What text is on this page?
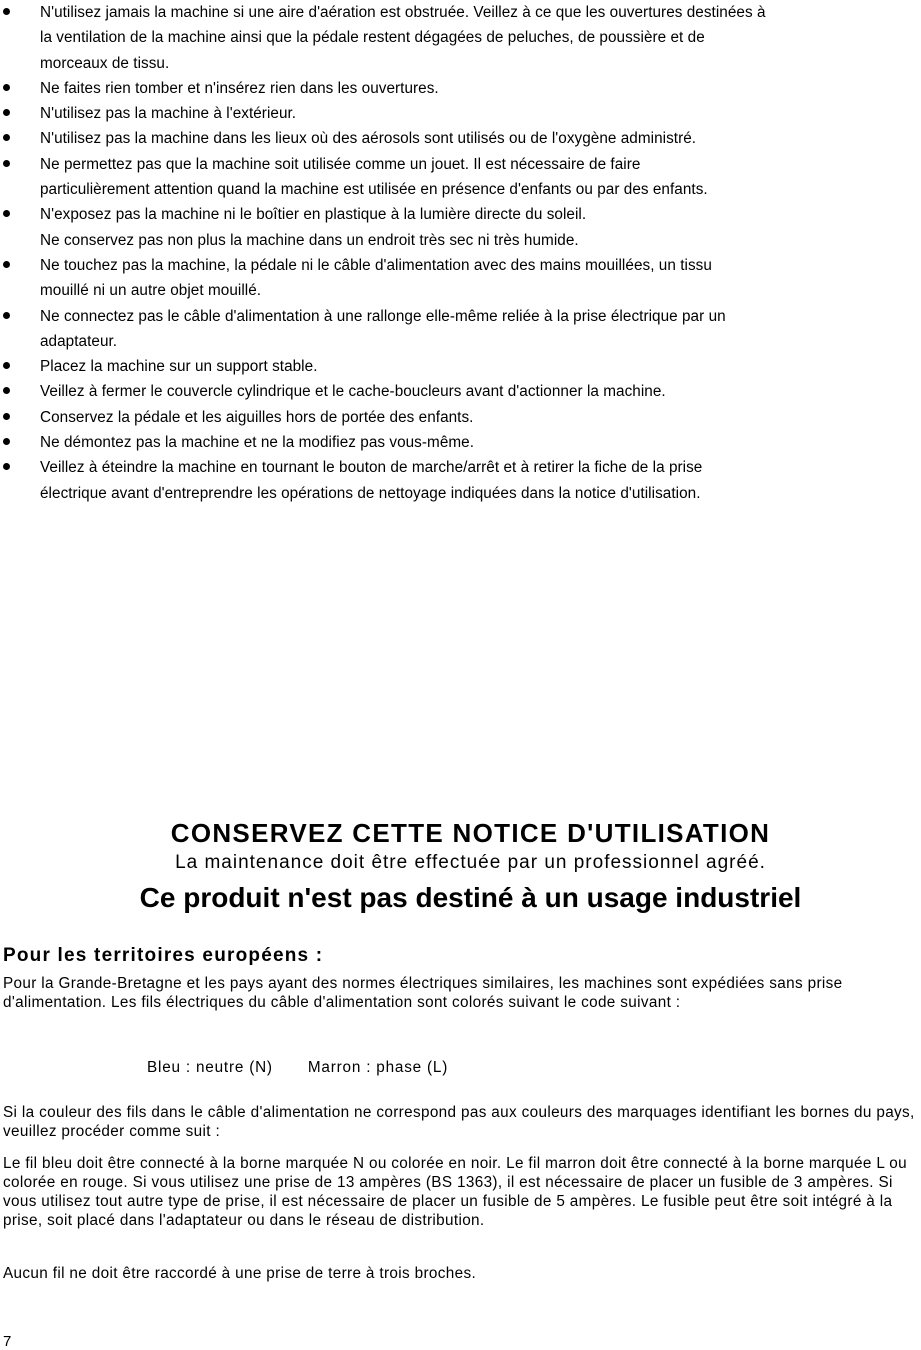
N'utilisez jamais la machine si une aire d'aération est obstruée. Veillez à ce que les ouvertures destinées à
la ventilation de la machine ainsi que la pédale restent dégagées de peluches, de poussière et de
morceaux de tissu.
Ne faites rien tomber et n'insérez rien dans les ouvertures.
N'utilisez pas la machine à l'extérieur.
N'utilisez pas la machine dans les lieux où des aérosols sont utilisés ou de l'oxygène administré.
Ne permettez pas que la machine soit utilisée comme un jouet. Il est nécessaire de faire
particulièrement attention quand la machine est utilisée en présence d'enfants ou par des enfants.
N'exposez pas la machine ni le boîtier en plastique à la lumière directe du soleil.
Ne conservez pas non plus la machine dans un endroit très sec ni très humide.
Ne touchez pas la machine, la pédale ni le câble d'alimentation avec des mains mouillées, un tissu
mouillé ni un autre objet mouillé.
Ne connectez pas le câble d'alimentation à une rallonge elle-même reliée à la prise électrique par un
adaptateur.
Placez la machine sur un support stable.
Veillez à fermer le couvercle cylindrique et le cache-boucleurs avant d'actionner la machine.
Conservez la pédale et les aiguilles hors de portée des enfants.
Ne démontez pas la machine et ne la modifiez pas vous-même.
Veillez à éteindre la machine en tournant le bouton de marche/arrêt et à retirer la fiche de la prise
électrique avant d'entreprendre les opérations de nettoyage indiquées dans la notice d'utilisation.
CONSERVEZ CETTE NOTICE D'UTILISATION
La maintenance doit être effectuée par un professionnel agréé.
Ce produit n'est pas destiné à un usage industriel
Pour les territoires européens :
Pour la Grande-Bretagne et les pays ayant des normes électriques similaires, les machines sont expédiées sans prise d'alimentation. Les fils électriques du câble d'alimentation sont colorés suivant le code suivant :
Bleu : neutre (N) Marron : phase (L)
Si la couleur des fils dans le câble d'alimentation ne correspond pas aux couleurs des marquages identifiant les bornes du pays, veuillez procéder comme suit :
Le fil bleu doit être connecté à la borne marquée N ou colorée en noir. Le fil marron doit être connecté à la borne marquée L ou colorée en rouge. Si vous utilisez une prise de 13 ampères (BS 1363), il est nécessaire de placer un fusible de 3 ampères. Si vous utilisez tout autre type de prise, il est nécessaire de placer un fusible de 5 ampères. Le fusible peut être soit intégré à la prise, soit placé dans l'adaptateur ou dans le réseau de distribution.
Aucun fil ne doit être raccordé à une prise de terre à trois broches.
7
